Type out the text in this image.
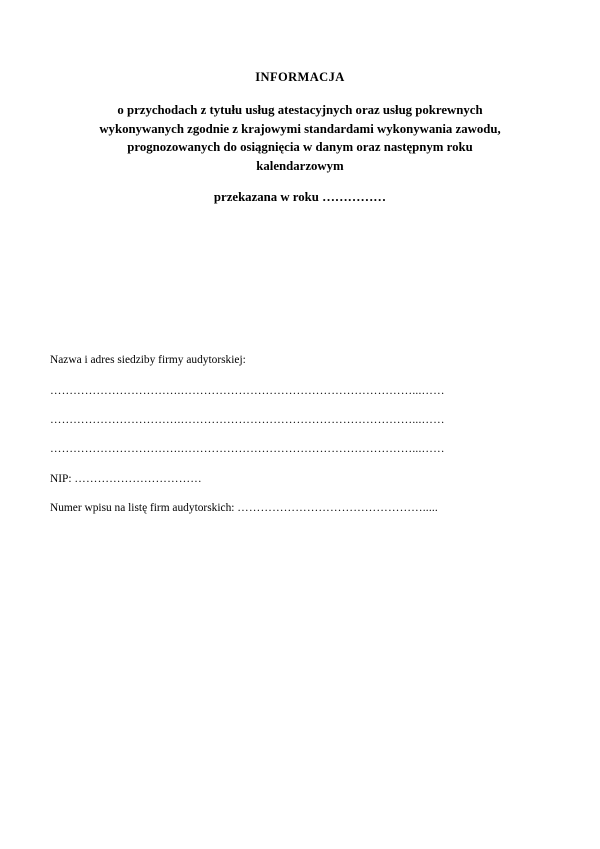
INFORMACJA
o przychodach z tytułu usług atestacyjnych oraz usług pokrewnych
wykonywanych zgodnie z krajowymi standardami wykonywania zawodu,
prognozowanych do osiągnięcia w danym oraz następnym roku
kalendarzowym
przekazana w roku ……………
Nazwa i adres siedziby firmy audytorskiej:
…………………………….……………………………………………………...……
…………………………….……………………………………………………...……
…………………………….……………………………………………………...……
NIP: ……………………………
Numer wpisu na listę firm audytorskich: ………………………………………….....
